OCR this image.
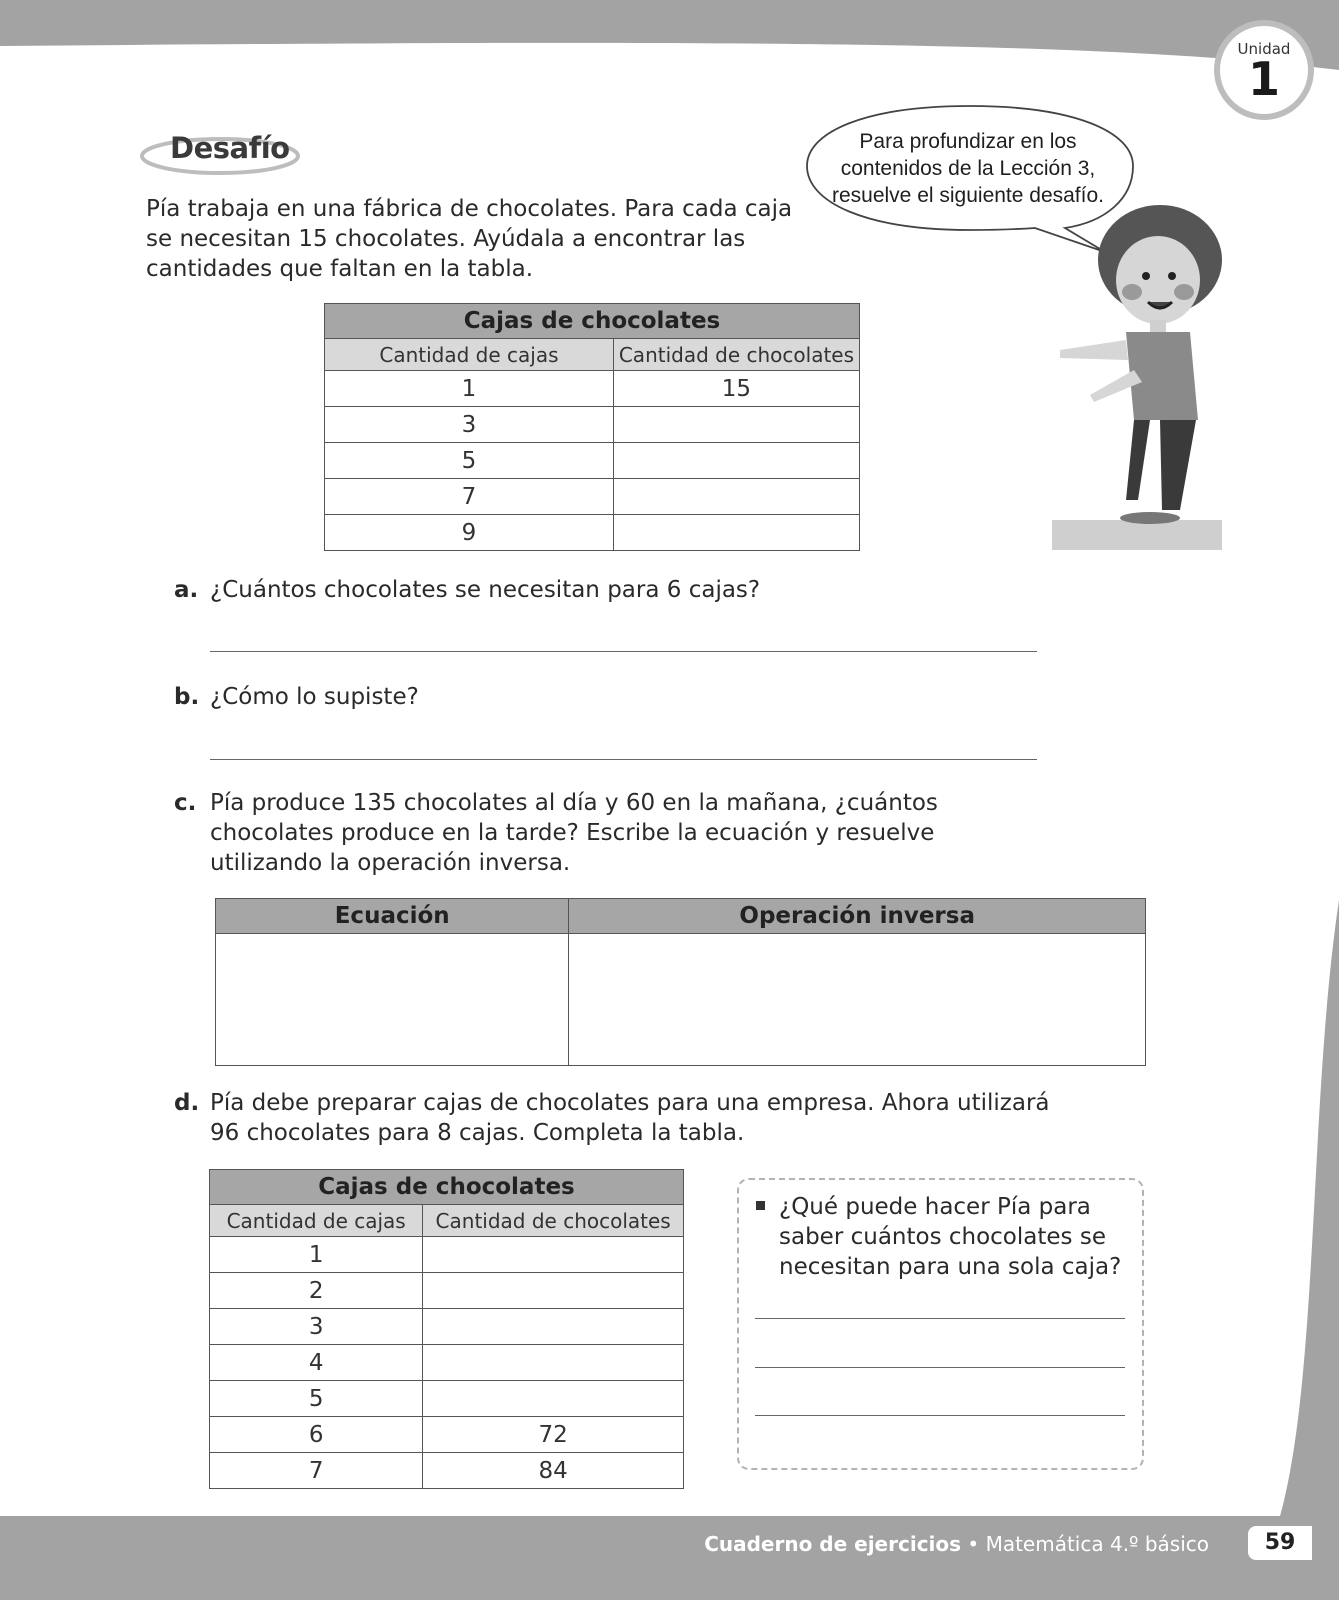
Unidad
1
Desafío

Pía trabaja en una fábrica de chocolates. Para cada caja se necesitan 15 chocolates. Ayúdala a encontrar las cantidades que faltan en la tabla.

Para profundizar en los contenidos de la Lección 3, resuelve el siguiente desafío.
Cajas de chocolates	
Cantidad de cajas	Cantidad de chocolates
1	15
3	
5	
7	
9	
a. ¿Cuántos chocolates se necesitan para 6 cajas?
b. ¿Cómo lo supiste?
c. Pía produce 135 chocolates al día y 60 en la mañana, ¿cuántos chocolates produce en la tarde? Escribe la ecuación y resuelve utilizando la operación inversa.
Ecuación	Operación inversa

d. Pía debe preparar cajas de chocolates para una empresa. Ahora utilizará 96 chocolates para 8 cajas. Completa la tabla.
Cajas de chocolates	
Cantidad de cajas	Cantidad de chocolates
1	
2	
3	
4	
5	
6	72
7	84

¿Qué puede hacer Pía para saber cuántos chocolates se necesitan para una sola caja?

Cuaderno de ejercicios • Matemática 4.º básico	59
